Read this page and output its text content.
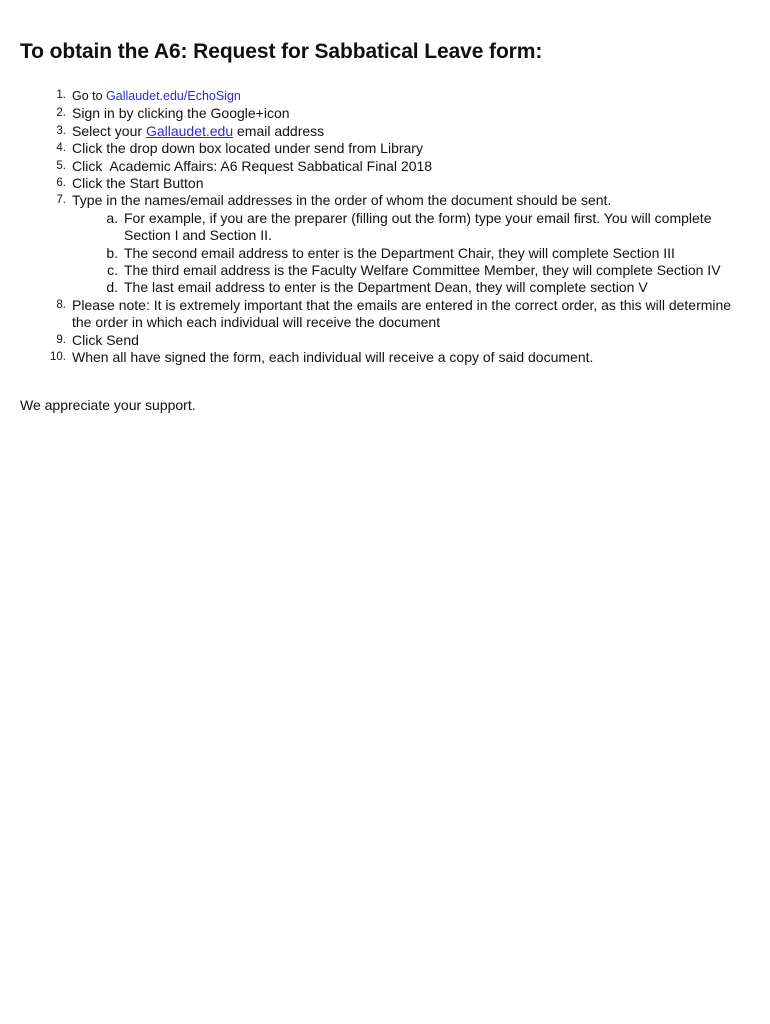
To obtain the A6: Request for Sabbatical Leave form:
1. Go to Gallaudet.edu/EchoSign
2. Sign in by clicking the Google+icon
3. Select your Gallaudet.edu email address
4. Click the drop down box located under send from Library
5. Click  Academic Affairs: A6 Request Sabbatical Final 2018
6. Click the Start Button
7. Type in the names/email addresses in the order of whom the document should be sent.
a. For example, if you are the preparer (filling out the form) type your email first. You will complete Section I and Section II.
b. The second email address to enter is the Department Chair, they will complete Section III
c. The third email address is the Faculty Welfare Committee Member, they will complete Section IV
d. The last email address to enter is the Department Dean, they will complete section V
8. Please note: It is extremely important that the emails are entered in the correct order, as this will determine the order in which each individual will receive the document
9. Click Send
10. When all have signed the form, each individual will receive a copy of said document.

We appreciate your support.
